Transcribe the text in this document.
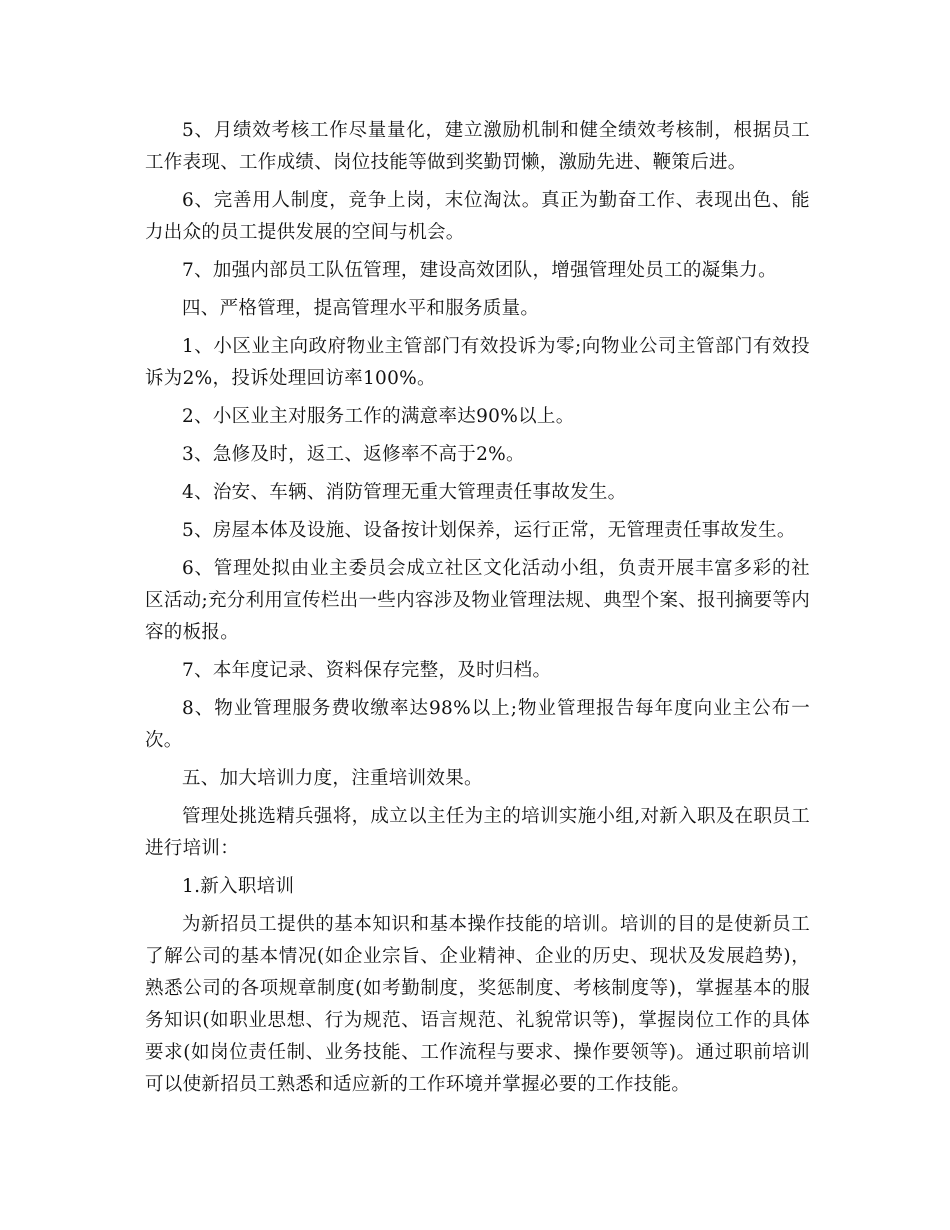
5、月绩效考核工作尽量量化，建立激励机制和健全绩效考核制，根据员工工作表现、工作成绩、岗位技能等做到奖勤罚懒，激励先进、鞭策后进。

6、完善用人制度，竞争上岗，末位淘汰。真正为勤奋工作、表现出色、能力出众的员工提供发展的空间与机会。

7、加强内部员工队伍管理，建设高效团队，增强管理处员工的凝集力。

四、严格管理，提高管理水平和服务质量。

1、小区业主向政府物业主管部门有效投诉为零;向物业公司主管部门有效投诉为2%，投诉处理回访率100%。

2、小区业主对服务工作的满意率达90%以上。

3、急修及时，返工、返修率不高于2%。

4、治安、车辆、消防管理无重大管理责任事故发生。

5、房屋本体及设施、设备按计划保养，运行正常，无管理责任事故发生。

6、管理处拟由业主委员会成立社区文化活动小组，负责开展丰富多彩的社区活动;充分利用宣传栏出一些内容涉及物业管理法规、典型个案、报刊摘要等内容的板报。

7、本年度记录、资料保存完整，及时归档。

8、物业管理服务费收缴率达98%以上;物业管理报告每年度向业主公布一次。

五、加大培训力度，注重培训效果。

管理处挑选精兵强将，成立以主任为主的培训实施小组,对新入职及在职员工进行培训：

1.新入职培训

为新招员工提供的基本知识和基本操作技能的培训。培训的目的是使新员工了解公司的基本情况(如企业宗旨、企业精神、企业的历史、现状及发展趋势)，熟悉公司的各项规章制度(如考勤制度，奖惩制度、考核制度等)，掌握基本的服务知识(如职业思想、行为规范、语言规范、礼貌常识等)，掌握岗位工作的具体要求(如岗位责任制、业务技能、工作流程与要求、操作要领等)。通过职前培训可以使新招员工熟悉和适应新的工作环境并掌握必要的工作技能。
